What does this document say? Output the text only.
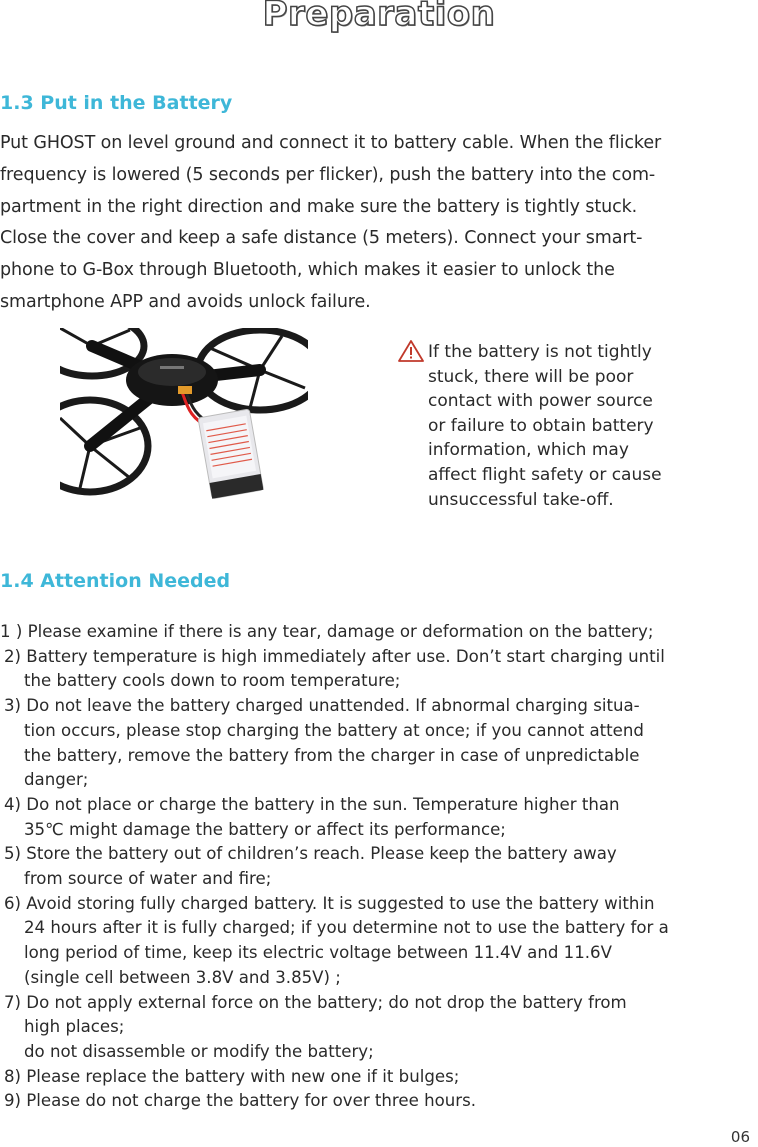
Preparation
1.3 Put in the Battery
Put GHOST on level ground and connect it to battery cable. When the flicker
frequency is lowered (5 seconds per flicker), push the battery into the com-
partment in the right direction and make sure the battery is tightly stuck.
Close the cover and keep a safe distance (5 meters). Connect your smart-
phone to G-Box through Bluetooth, which makes it easier to unlock the
smartphone APP and avoids unlock failure.
If the battery is not tightly
stuck, there will be poor
contact with power source
or failure to obtain battery
information, which may
affect flight safety or cause
unsuccessful take-off.
1.4 Attention Needed
1 ) Please examine if there is any tear, damage or deformation on the battery;
2) Battery temperature is high immediately after use. Don’t start charging until
the battery cools down to room temperature;
3) Do not leave the battery charged unattended. If abnormal charging situa-
tion occurs, please stop charging the battery at once; if you cannot attend
the battery, remove the battery from the charger in case of unpredictable
danger;
4) Do not place or charge the battery in the sun. Temperature higher than
35℃ might damage the battery or affect its performance;
5) Store the battery out of children’s reach. Please keep the battery away
from source of water and fire;
6) Avoid storing fully charged battery. It is suggested to use the battery within
24 hours after it is fully charged; if you determine not to use the battery for a
long period of time, keep its electric voltage between 11.4V and 11.6V
(single cell between 3.8V and 3.85V) ;
7) Do not apply external force on the battery; do not drop the battery from
high places;
do not disassemble or modify the battery;
8) Please replace the battery with new one if it bulges;
9) Please do not charge the battery for over three hours.
06
